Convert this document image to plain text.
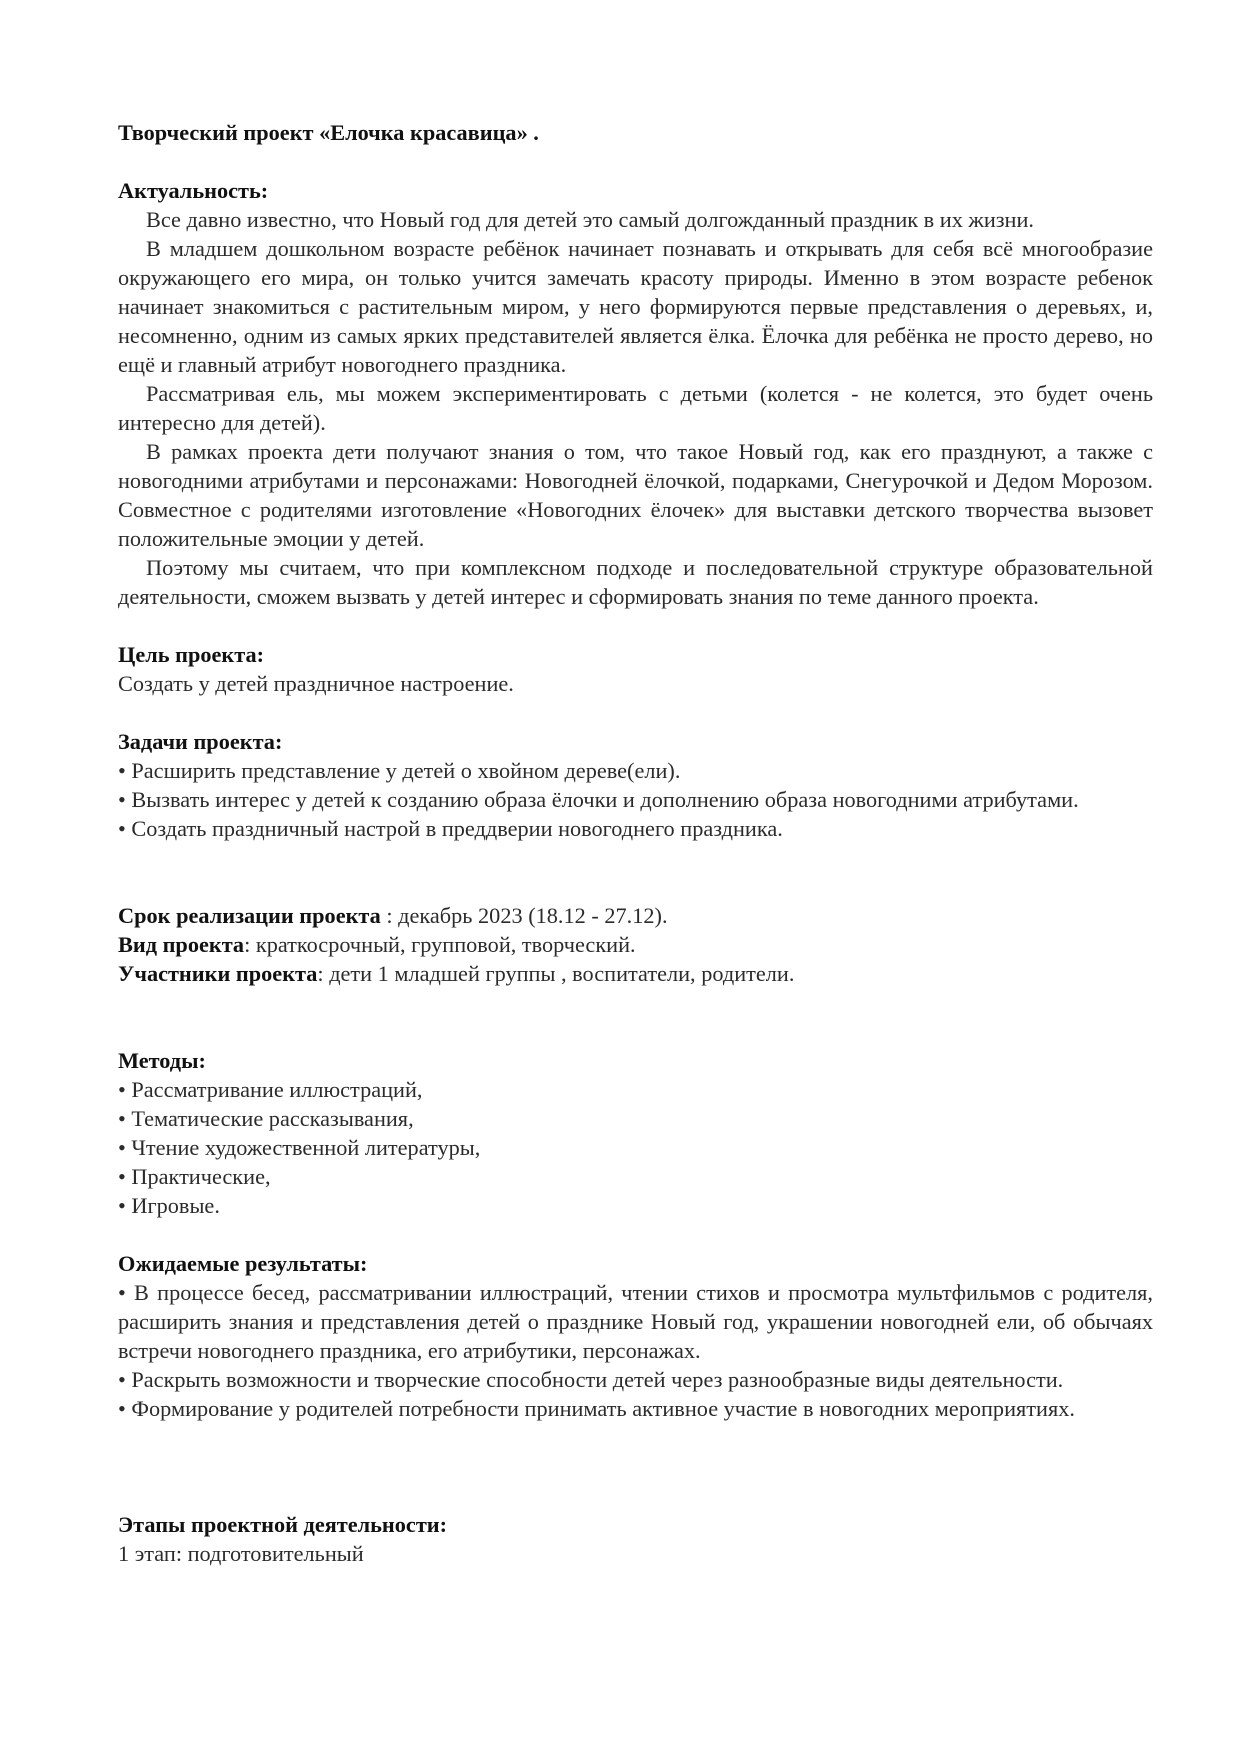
Творческий проект «Елочка красавица» .

Актуальность:

Все давно известно, что Новый год для детей это самый долгожданный праздник в их жизни.

В младшем дошкольном возрасте ребёнок начинает познавать и открывать для себя всё многообразие окружающего его мира, он только учится замечать красоту природы. Именно в этом возрасте ребенок начинает знакомиться с растительным миром, у него формируются первые представления о деревьях, и, несомненно, одним из самых ярких представителей является ёлка. Ёлочка для ребёнка не просто дерево, но ещё и главный атрибут новогоднего праздника.

Рассматривая ель, мы можем экспериментировать с детьми (колется - не колется, это будет очень интересно для детей).

В рамках проекта дети получают знания о том, что такое Новый год, как его празднуют, а также с новогодними атрибутами и персонажами: Новогодней ёлочкой, подарками, Снегурочкой и Дедом Морозом. Совместное с родителями изготовление «Новогодних ёлочек» для выставки детского творчества вызовет положительные эмоции у детей.

Поэтому мы считаем, что при комплексном подходе и последовательной структуре образовательной деятельности, сможем вызвать у детей интерес и сформировать знания по теме данного проекта.

Цель проекта:

Создать у детей праздничное настроение.

Задачи проекта:

• Расширить представление у детей о хвойном дереве(ели).

• Вызвать интерес у детей к созданию образа ёлочки и дополнению образа новогодними атрибутами.

• Создать праздничный настрой в преддверии новогоднего праздника.

Срок реализации проекта : декабрь 2023 (18.12 - 27.12).

Вид проекта: краткосрочный, групповой, творческий.

Участники проекта: дети 1 младшей группы , воспитатели, родители.

Методы:

• Рассматривание иллюстраций,

• Тематические рассказывания,

• Чтение художественной литературы,

• Практические,

• Игровые.

Ожидаемые результаты:

• В процессе бесед, рассматривании иллюстраций, чтении стихов и просмотра мультфильмов с родителя, расширить знания и представления детей о празднике Новый год, украшении новогодней ели, об обычаях встречи новогоднего праздника, его атрибутики, персонажах.

• Раскрыть возможности и творческие способности детей через разнообразные виды деятельности.

• Формирование у родителей потребности принимать активное участие в новогодних мероприятиях.

Этапы проектной деятельности:

1 этап: подготовительный
